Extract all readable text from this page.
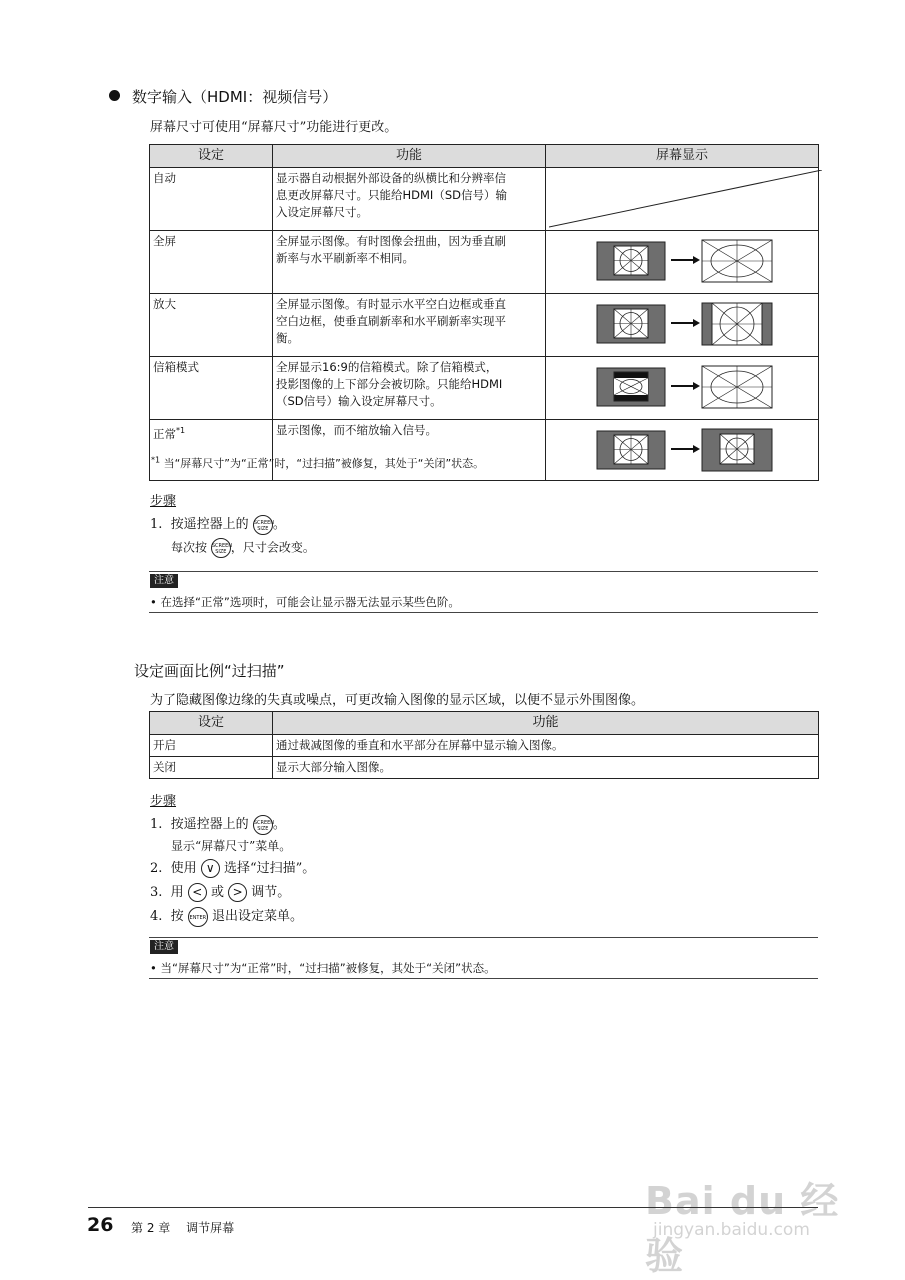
数字输入（HDMI：视频信号）
屏幕尺寸可使用“屏幕尺寸”功能进行更改。
设定	功能	屏幕显示
自动	显示器自动根据外部设备的纵横比和分辨率信
息更改屏幕尺寸。只能给HDMI（SD信号）输
入设定屏幕尺寸。

全屏	全屏显示图像。有时图像会扭曲，因为垂直刷
新率与水平刷新率不相同。

放大	全屏显示图像。有时显示水平空白边框或垂直
空白边框，使垂直刷新率和水平刷新率实现平
衡。

信箱模式	全屏显示16:9的信箱模式。除了信箱模式，
投影图像的上下部分会被切除。只能给HDMI
（SD信号）输入设定屏幕尺寸。

正常$^{*1}$	显示图像，而不缩放输入信号。

$^{*1}$ 当“屏幕尺寸”为“正常”时，“过扫描”被修复，其处于“关闭”状态。
步骤
1. 按遥控器上的 SCREEN
SIZE 。
每次按 SCREEN
SIZE ，尺寸会改变。
注意
• 在选择“正常”选项时，可能会让显示器无法显示某些色阶。
设定画面比例“过扫描”
为了隐藏图像边缘的失真或噪点，可更改输入图像的显示区域，以便不显示外围图像。
设定	功能
开启	通过裁减图像的垂直和水平部分在屏幕中显示输入图像。
关闭	显示大部分输入图像。
步骤
1. 按遥控器上的 SCREEN
SIZE 。
显示“屏幕尺寸”菜单。
2. 使用 ∨ 选择“过扫描”。
3. 用 < 或 > 调节。
4. 按 ENTER 退出设定菜单。
注意
• 当“屏幕尺寸”为“正常”时，“过扫描”被修复，其处于“关闭”状态。
Bai du 经验
jingyan.baidu.com
26 第 2 章　 调节屏幕
